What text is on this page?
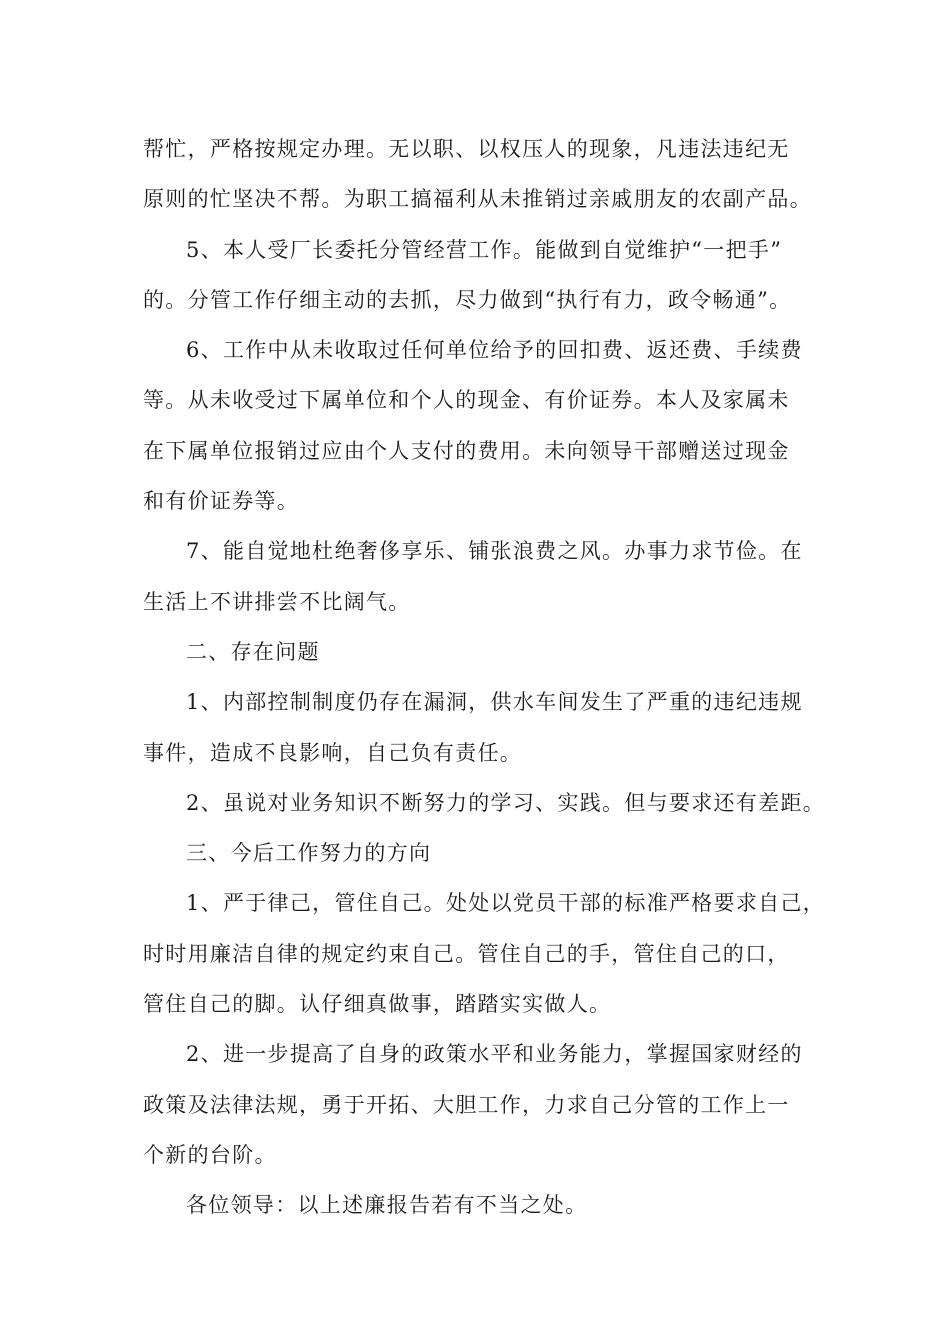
帮忙，严格按规定办理。无以职、以权压人的现象，凡违法违纪无
原则的忙坚决不帮。为职工搞福利从未推销过亲戚朋友的农副产品。
5、本人受厂长委托分管经营工作。能做到自觉维护“一把手”
的。分管工作仔细主动的去抓，尽力做到“执行有力，政令畅通”。
6、工作中从未收取过任何单位给予的回扣费、返还费、手续费
等。从未收受过下属单位和个人的现金、有价证券。本人及家属未
在下属单位报销过应由个人支付的费用。未向领导干部赠送过现金
和有价证券等。
7、能自觉地杜绝奢侈享乐、铺张浪费之风。办事力求节俭。在
生活上不讲排尝不比阔气。
二、存在问题
1、内部控制制度仍存在漏洞，供水车间发生了严重的违纪违规
事件，造成不良影响，自己负有责任。
2、虽说对业务知识不断努力的学习、实践。但与要求还有差距。
三、今后工作努力的方向
1、严于律己，管住自己。处处以党员干部的标准严格要求自己，
时时用廉洁自律的规定约束自己。管住自己的手，管住自己的口，
管住自己的脚。认仔细真做事，踏踏实实做人。
2、进一步提高了自身的政策水平和业务能力，掌握国家财经的
政策及法律法规，勇于开拓、大胆工作，力求自己分管的工作上一
个新的台阶。
各位领导：以上述廉报告若有不当之处。
